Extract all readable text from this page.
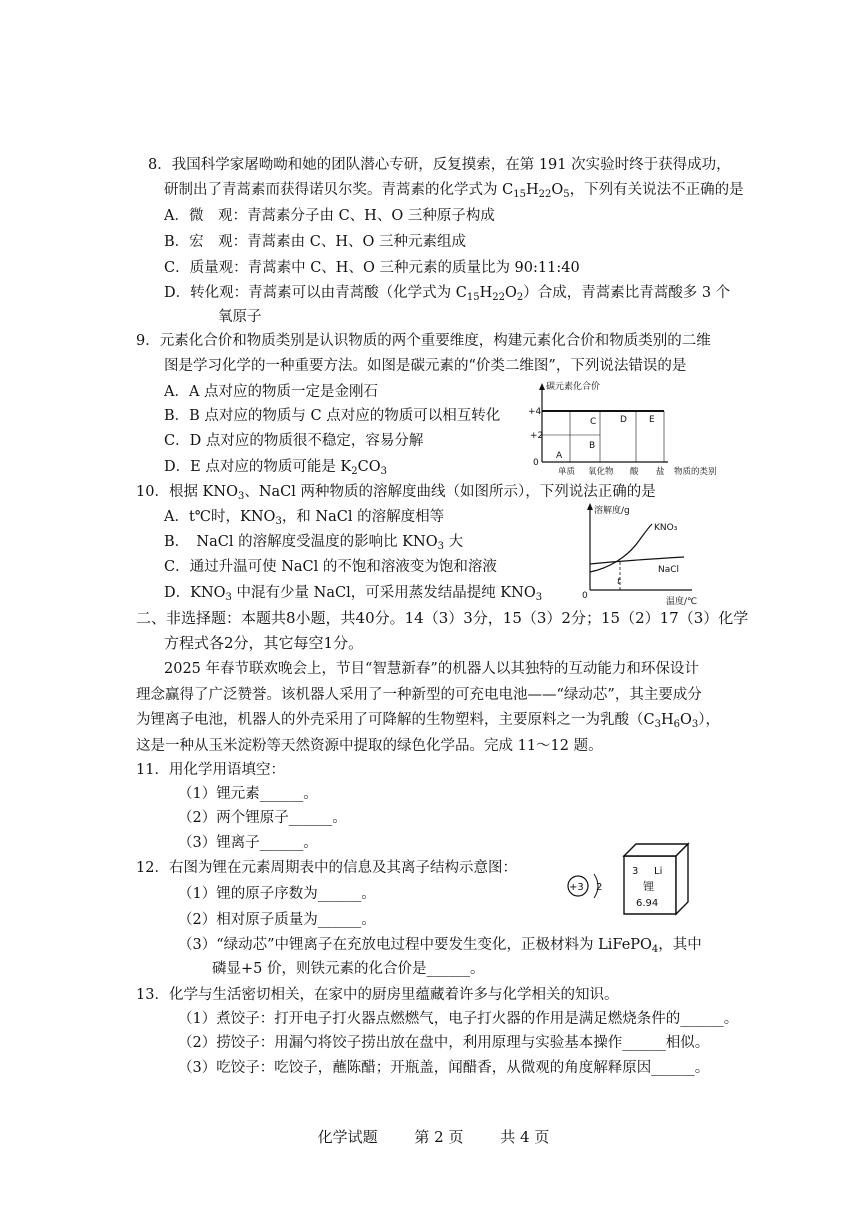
8．我国科学家屠呦呦和她的团队潜心专研，反复摸索，在第 191 次实验时终于获得成功，
研制出了青蒿素而获得诺贝尔奖。青蒿素的化学式为 $C_{15}H_{22}O_5$，下列有关说法不正确的是
A．微　观：青蒿素分子由 C、H、O 三种原子构成
B．宏　观：青蒿素由 C、H、O 三种元素组成
C．质量观：青蒿素中 C、H、O 三种元素的质量比为 90:11:40
D．转化观：青蒿素可以由青蒿酸（化学式为 $C_{15}H_{22}O_2$）合成，青蒿素比青蒿酸多 3 个
氧原子
9．元素化合价和物质类别是认识物质的两个重要维度，构建元素化合价和物质类别的二维
图是学习化学的一种重要方法。如图是碳元素的“价类二维图”，下列说法错误的是
A．A 点对应的物质一定是金刚石
B．B 点对应的物质与 C 点对应的物质可以相互转化
C．D 点对应的物质很不稳定，容易分解
D．E 点对应的物质可能是 $K_2CO_3$
碳元素化合价
+4
+2
0
A
B
C	D E
单质 氧化物 酸 盐 物质的类别
10．根据 $KNO_3$、NaCl 两种物质的溶解度曲线（如图所示），下列说法正确的是
A．t℃时，$KNO_3$，和 NaCl 的溶解度相等
B．　NaCl 的溶解度受温度的影响比 $KNO_3$ 大
C．通过升温可使 NaCl 的不饱和溶液变为饱和溶液
D．$KNO_3$ 中混有少量 NaCl，可采用蒸发结晶提纯 $KNO_3$
溶解度/g
0
t
KNO₃
NaCl
温度/℃
二、非选择题：本题共8小题，共40分。14（3）3分，15（3）2分；15（2）17（3）化学
方程式各2分，其它每空1分。
2025 年春节联欢晚会上，节目“智慧新春”的机器人以其独特的互动能力和环保设计
理念赢得了广泛赞誉。该机器人采用了一种新型的可充电电池——“绿动芯”，其主要成分
为锂离子电池，机器人的外壳采用了可降解的生物塑料，主要原料之一为乳酸$(C_3H_6O_3)$，
这是一种从玉米淀粉等天然资源中提取的绿色化学品。完成 11～12 题。
11．用化学用语填空：
（1）锂元素______。
（2）两个锂原子______。
（3）锂离子______。
12．右图为锂在元素周期表中的信息及其离子结构示意图：
（1）锂的原子序数为______。
（2）相对原子质量为______。
（3）“绿动芯”中锂离子在充放电过程中要发生变化，正极材料为 LiFePO$_4$，其中
磷显+5 价，则铁元素的化合价是______。
+3 2
3 Li
锂
6.94
13．化学与生活密切相关，在家中的厨房里蕴藏着许多与化学相关的知识。
（1）煮饺子：打开电子打火器点燃燃气，电子打火器的作用是满足燃烧条件的______。
（2）捞饺子：用漏勺将饺子捞出放在盘中，利用原理与实验基本操作______相似。
（3）吃饺子：吃饺子，蘸陈醋；开瓶盖，闻醋香，从微观的角度解释原因______。
化学试题 第 2 页 共 4 页
